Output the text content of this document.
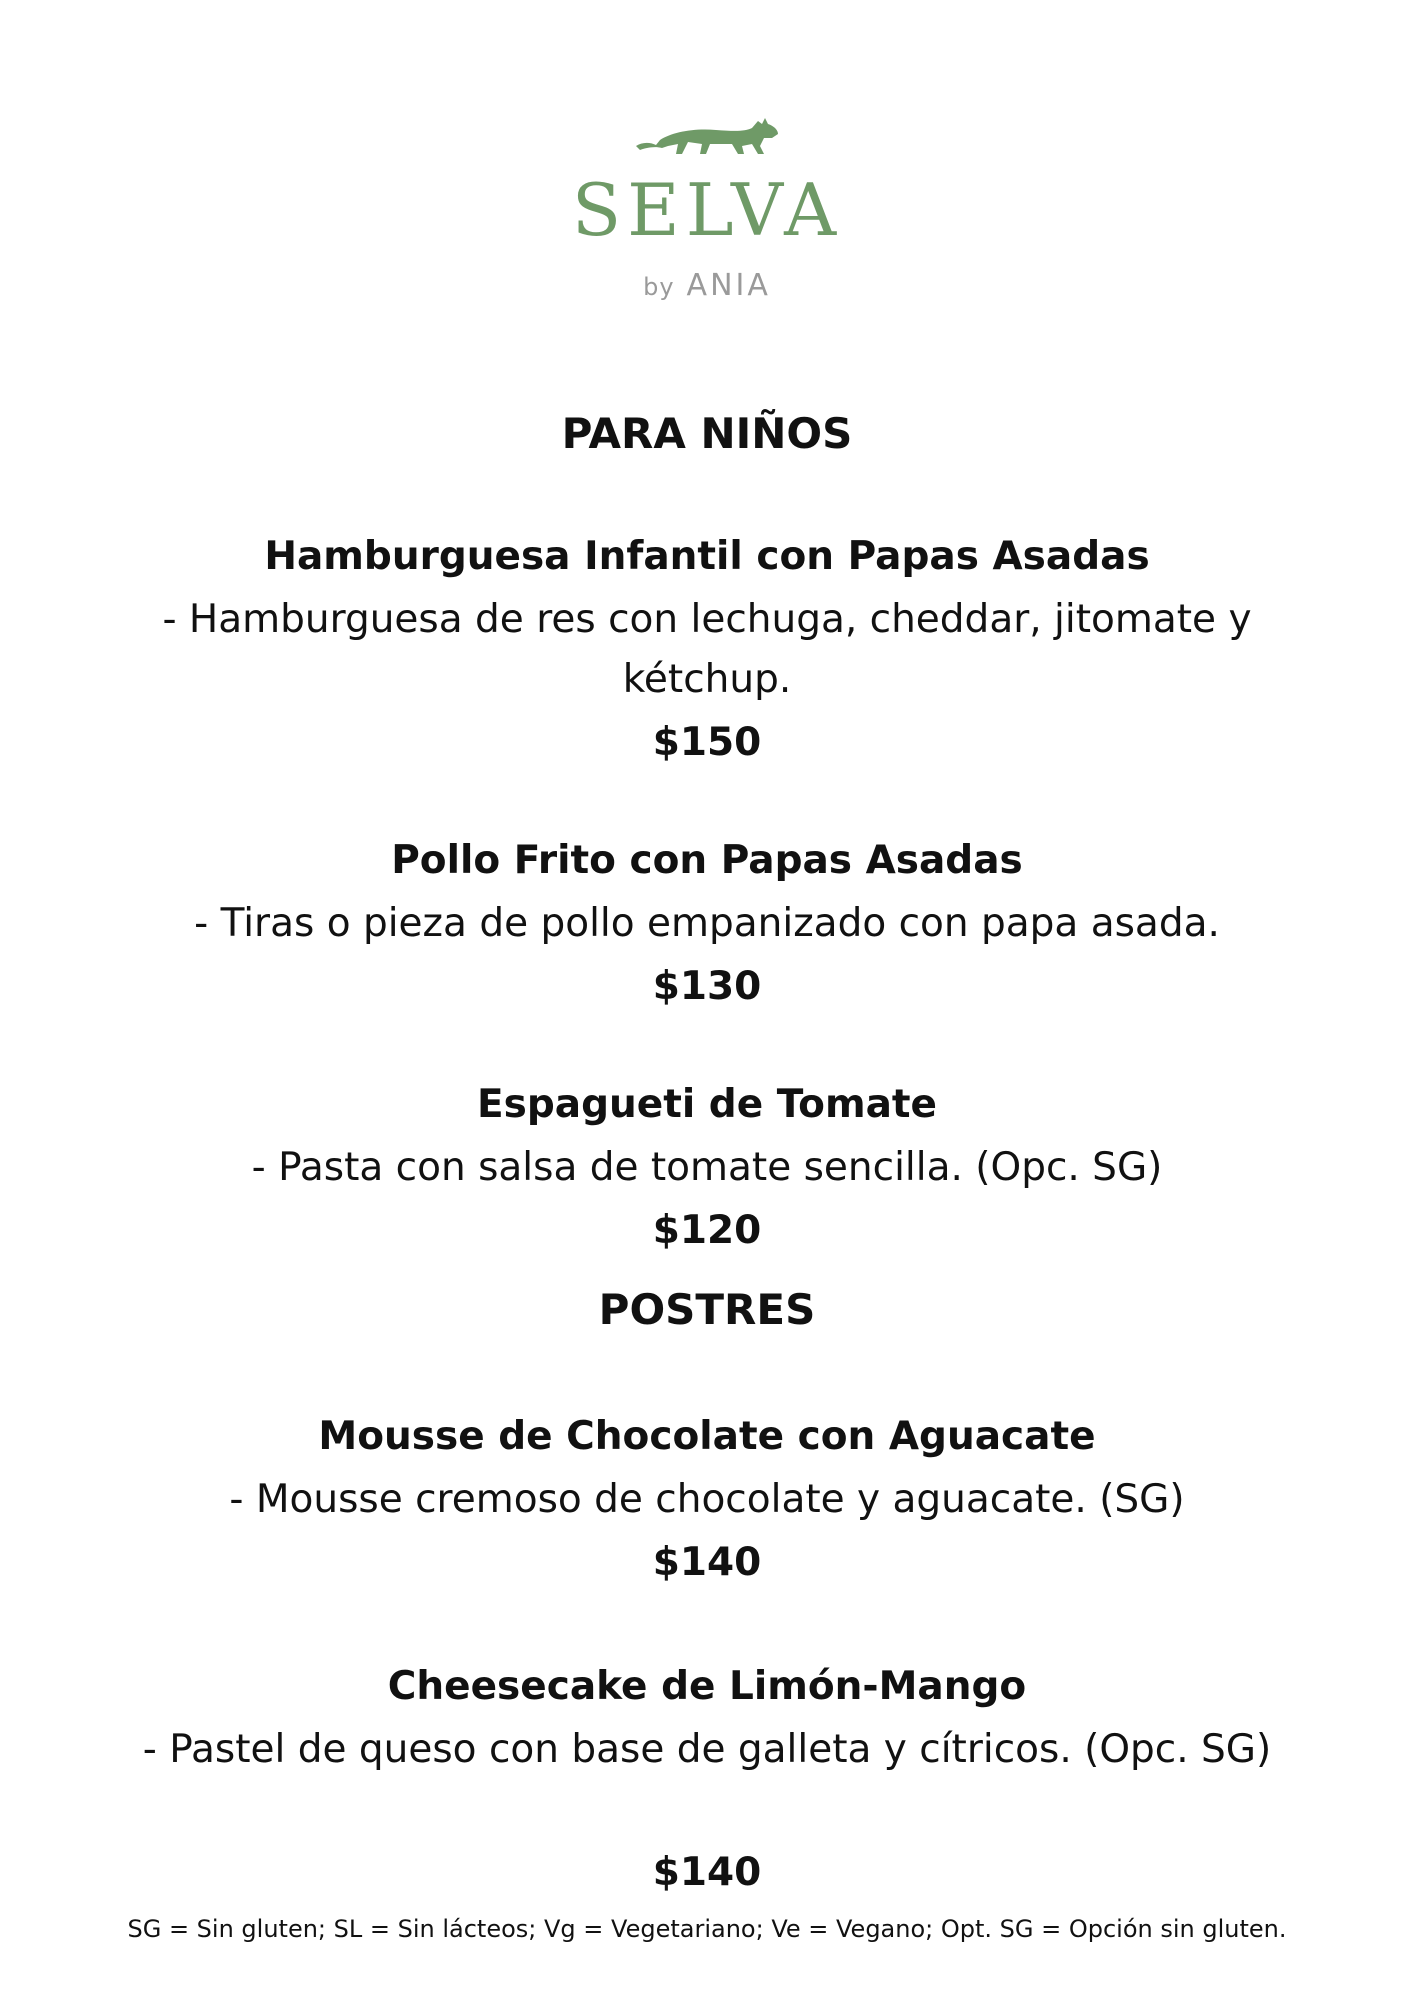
SELVA
by ANIA
PARA NIÑOS
Hamburguesa Infantil con Papas Asadas
- Hamburguesa de res con lechuga, cheddar, jitomate y kétchup.
$150
Pollo Frito con Papas Asadas
- Tiras o pieza de pollo empanizado con papa asada.
$130
Espagueti de Tomate
- Pasta con salsa de tomate sencilla. (Opc. SG)
$120
POSTRES
Mousse de Chocolate con Aguacate
- Mousse cremoso de chocolate y aguacate. (SG)
$140
Cheesecake de Limón-Mango
- Pastel de queso con base de galleta y cítricos. (Opc. SG)
$140
SG = Sin gluten; SL = Sin lácteos; Vg = Vegetariano; Ve = Vegano; Opt. SG = Opción sin gluten.
